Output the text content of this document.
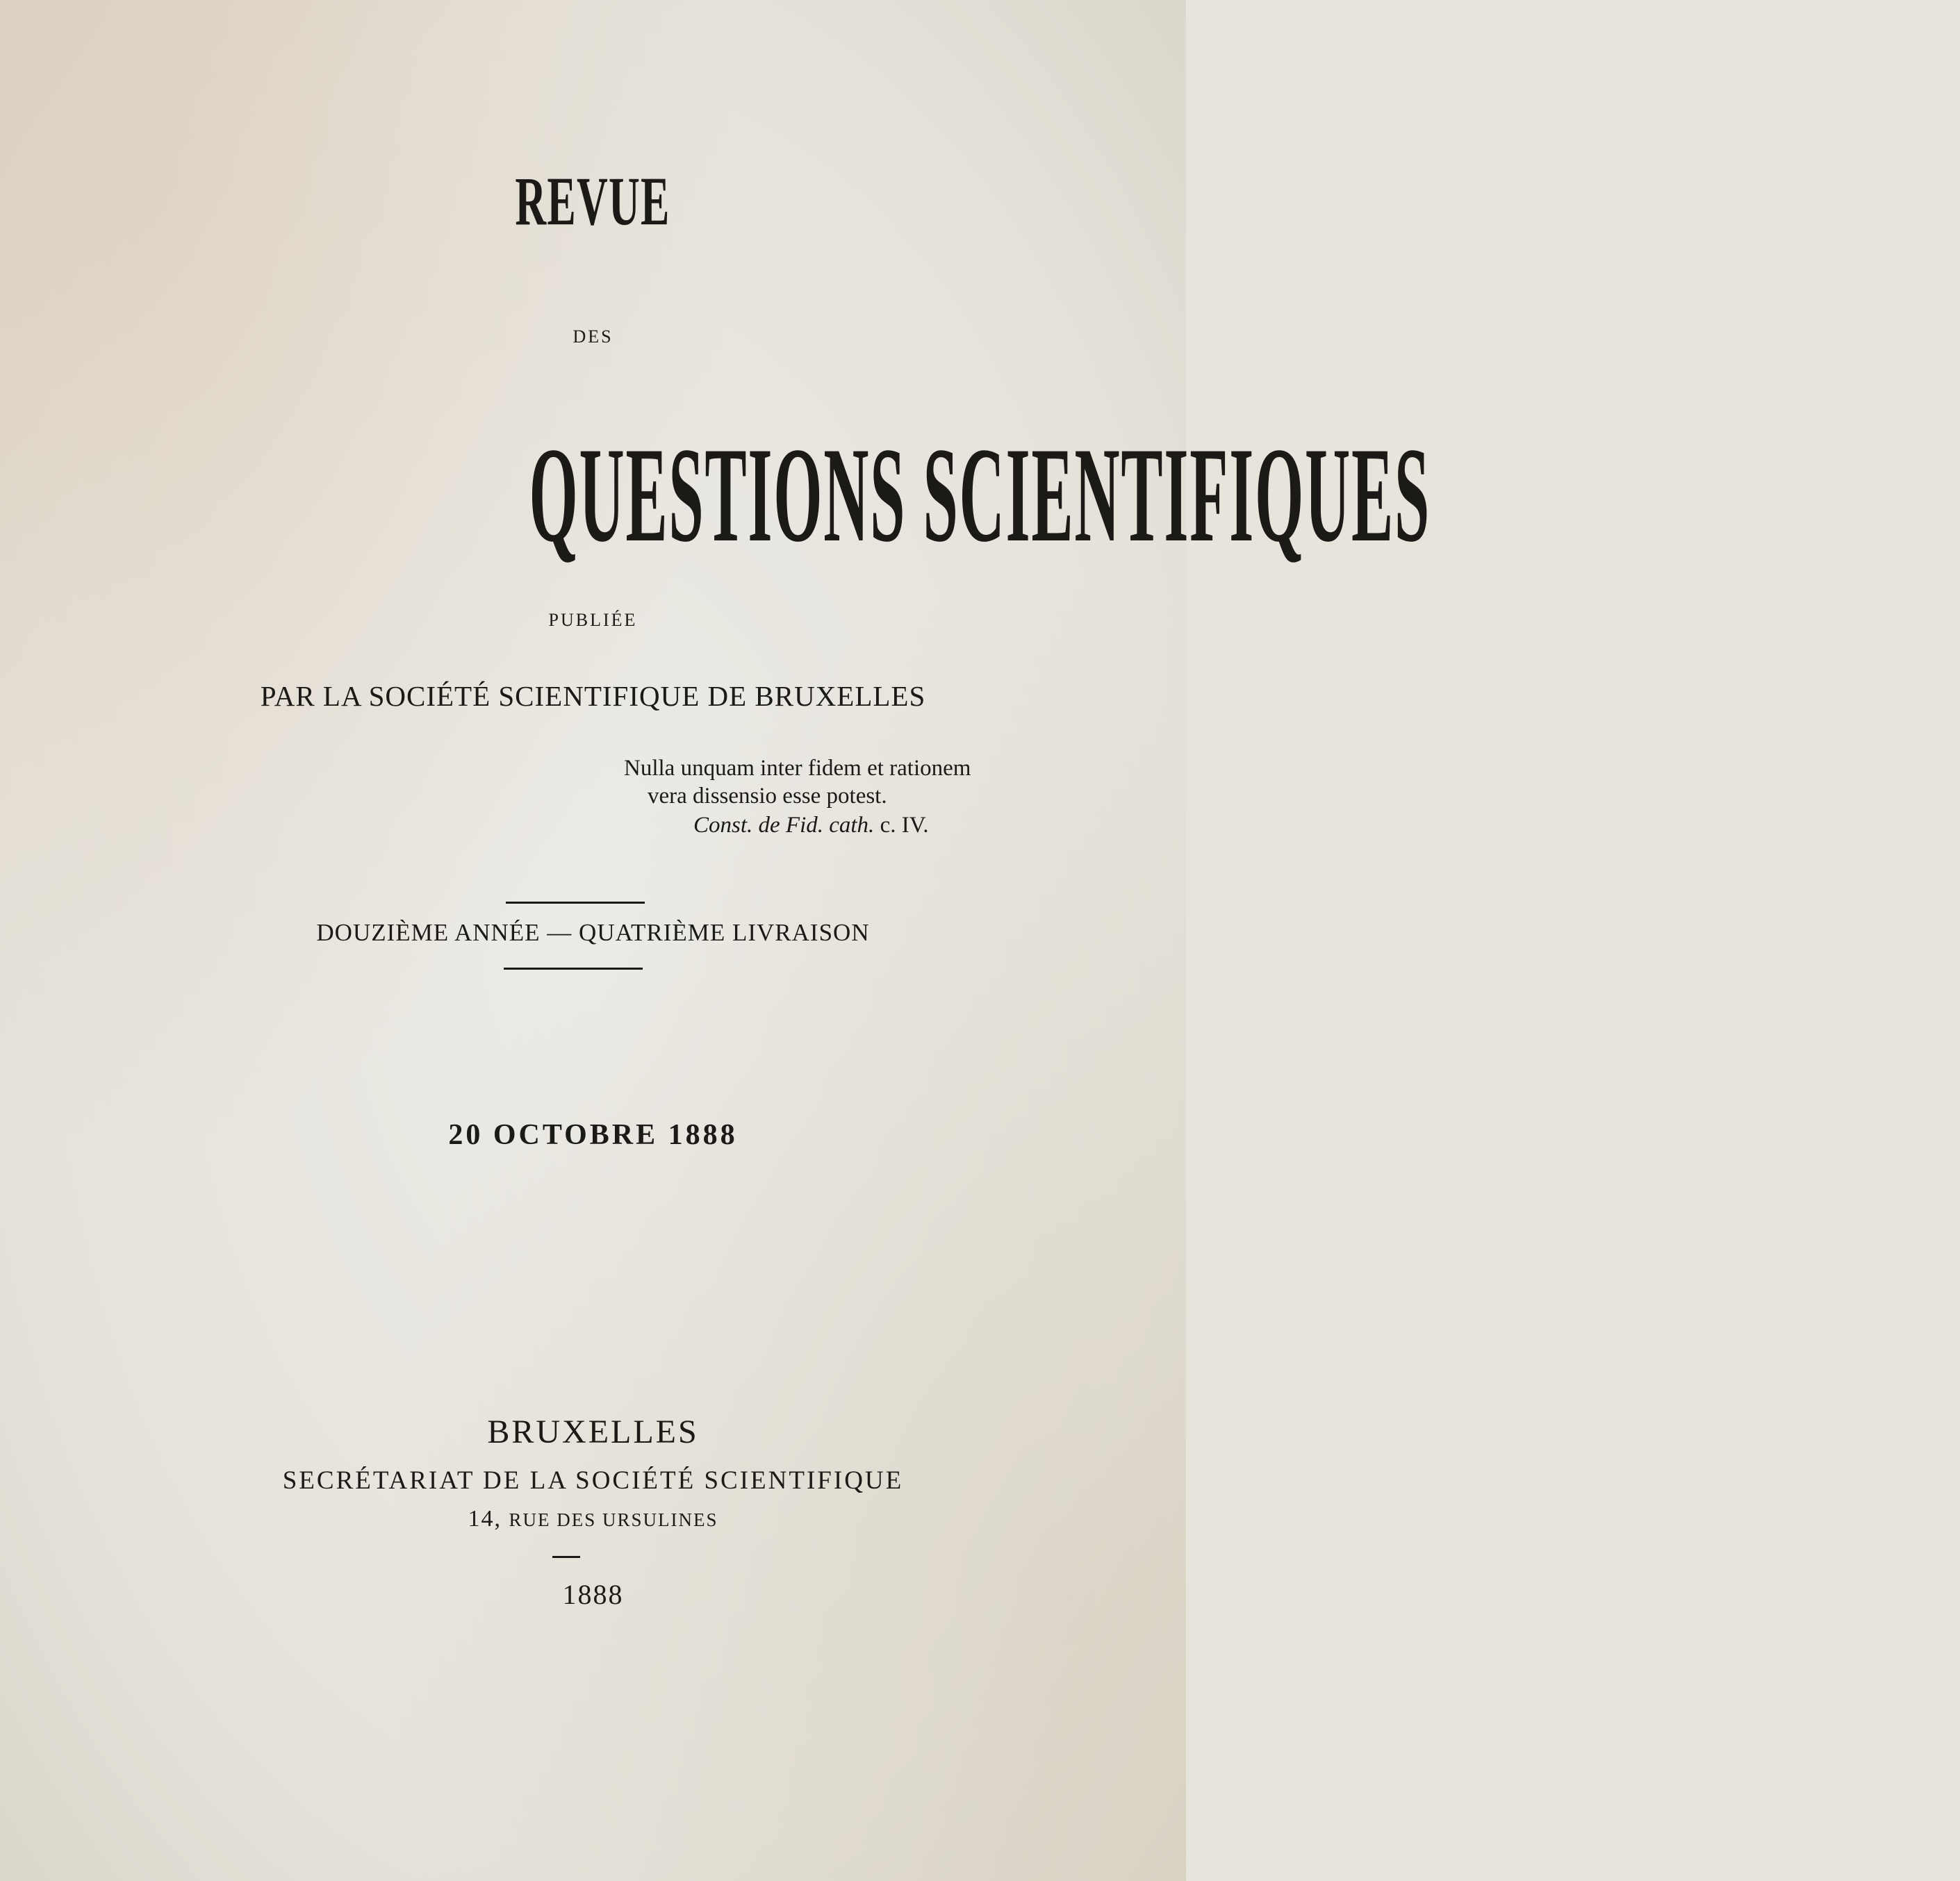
REVUE
DES
QUESTIONS SCIENTIFIQUES
PUBLIÉE
PAR LA SOCIÉTÉ SCIENTIFIQUE DE BRUXELLES
Nulla unquam inter fidem et rationem
vera dissensio esse potest.
Const. de Fid. cath. c. IV.
DOUZIÈME ANNÉE — QUATRIÈME LIVRAISON
20 OCTOBRE 1888
BRUXELLES
SECRÉTARIAT DE LA SOCIÉTÉ SCIENTIFIQUE
14, RUE DES URSULINES
1888
